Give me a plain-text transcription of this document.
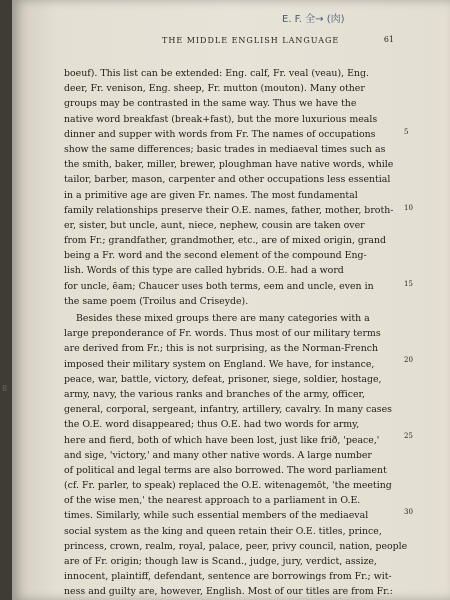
E. F. 全→ (肉)
THE MIDDLE ENGLISH LANGUAGE	61
boeuf). This list can be extended: Eng. calf, Fr. veal (veau), Eng.
deer, Fr. venison, Eng. sheep, Fr. mutton (mouton). Many other
groups may be contrasted in the same way. Thus we have the
native word breakfast (break+fast), but the more luxurious meals
dinner and supper with words from Fr. The names of occupations
show the same differences; basic trades in mediaeval times such as
the smith, baker, miller, brewer, ploughman have native words, while
tailor, barber, mason, carpenter and other occupations less essential
in a primitive age are given Fr. names. The most fundamental
family relationships preserve their O.E. names, father, mother, broth-
er, sister, but uncle, aunt, niece, nephew, cousin are taken over
from Fr.; grandfather, grandmother, etc., are of mixed origin, grand
being a Fr. word and the second element of the compound Eng-
lish. Words of this type are called hybrids. O.E. had a word
for uncle, ēam; Chaucer uses both terms, eem and uncle, even in
the same poem (Troilus and Criseyde).
Besides these mixed groups there are many categories with a
large preponderance of Fr. words. Thus most of our military terms
are derived from Fr.; this is not surprising, as the Norman-French
imposed their military system on England. We have, for instance,
peace, war, battle, victory, defeat, prisoner, siege, soldier, hostage,
army, navy, the various ranks and branches of the army, officer,
general, corporal, sergeant, infantry, artillery, cavalry. In many cases
the O.E. word disappeared; thus O.E. had two words for army,
here and fierd, both of which have been lost, just like frið, 'peace,'
and sige, 'victory,' and many other native words. A large number
of political and legal terms are also borrowed. The word parliament
(cf. Fr. parler, to speak) replaced the O.E. witenagemōt, 'the meeting
of the wise men,' the nearest approach to a parliament in O.E.
times. Similarly, while such essential members of the mediaeval
social system as the king and queen retain their O.E. titles, prince,
princess, crown, realm, royal, palace, peer, privy council, nation, people
are of Fr. origin; though law is Scand., judge, jury, verdict, assize,
innocent, plaintiff, defendant, sentence are borrowings from Fr.; wit-
ness and guilty are, however, English. Most of our titles are from Fr.:
5
10
15
20
25
30
8
